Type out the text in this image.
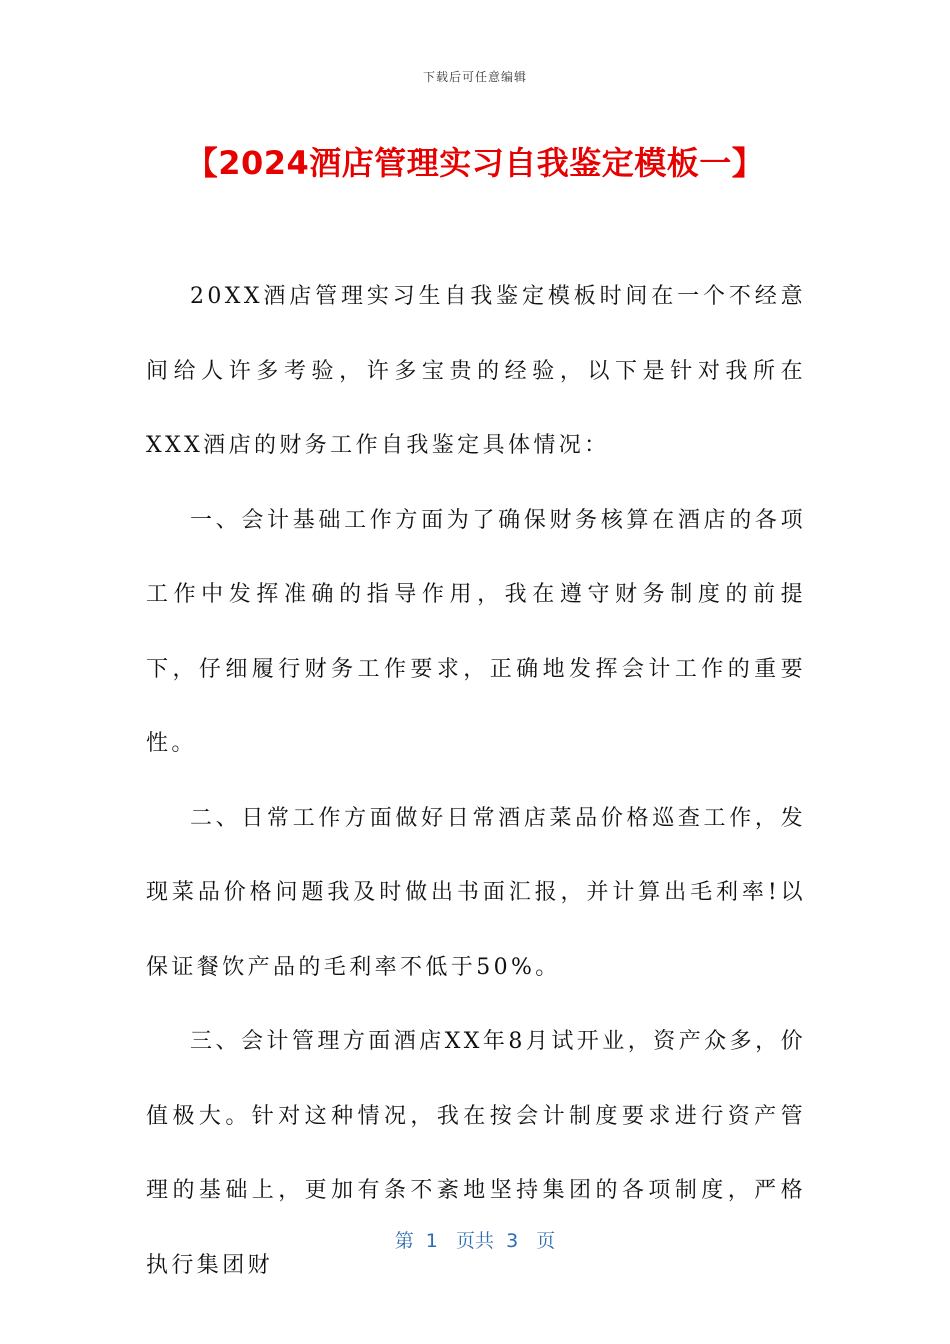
下载后可任意编辑
【2024酒店管理实习自我鉴定模板一】

20XX酒店管理实习生自我鉴定模板时间在一个不经意间给人许多考验，许多宝贵的经验，以下是针对我所在XXX酒店的财务工作自我鉴定具体情况：

一、会计基础工作方面为了确保财务核算在酒店的各项工作中发挥准确的指导作用，我在遵守财务制度的前提下，仔细履行财务工作要求，正确地发挥会计工作的重要性。

二、日常工作方面做好日常酒店菜品价格巡查工作，发现菜品价格问题我及时做出书面汇报，并计算出毛利率!以保证餐饮产品的毛利率不低于50%。

三、会计管理方面酒店XX年8月试开业，资产众多，价值极大。针对这种情况，我在按会计制度要求进行资产管理的基础上，更加有条不紊地坚持集团的各项制度，严格执行集团财

第  1   页共  3   页
